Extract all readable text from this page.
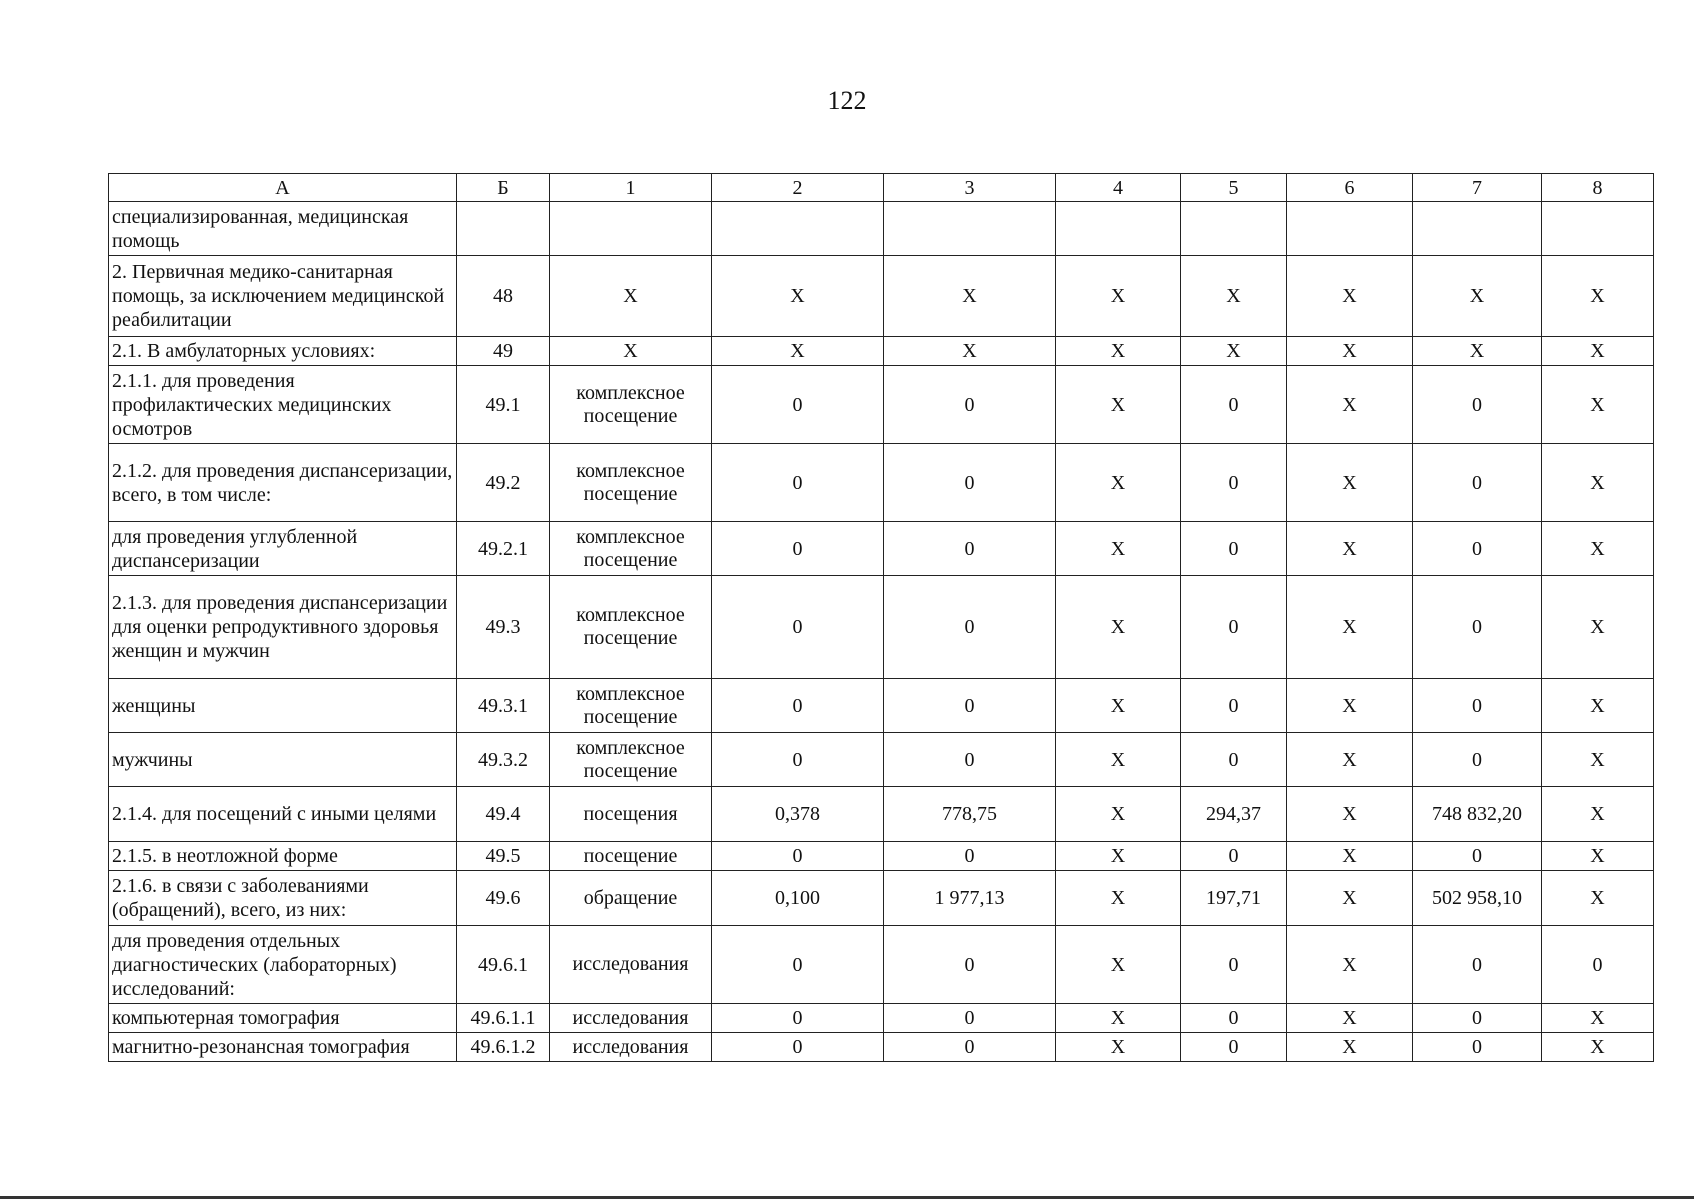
122
А	Б	1	2	3	4	5	6	7	8
специализированная, медицинская помощь									
2. Первичная медико-санитарная помощь, за исключением медицинской реабилитации	48	X	X	X	X	X	X	X	X
2.1. В амбулаторных условиях:	49	X	X	X	X	X	X	X	X
2.1.1. для проведения профилактических медицинских осмотров	49.1	комплексное посещение	0	0	X	0	X	0	X
2.1.2. для проведения диспансеризации, всего, в том числе:	49.2	комплексное посещение	0	0	X	0	X	0	X
для проведения углубленной диспансеризации	49.2.1	комплексное посещение	0	0	X	0	X	0	X
2.1.3. для проведения диспансеризации для оценки репродуктивного здоровья женщин и мужчин	49.3	комплексное посещение	0	0	X	0	X	0	X
женщины	49.3.1	комплексное посещение	0	0	X	0	X	0	X
мужчины	49.3.2	комплексное посещение	0	0	X	0	X	0	X
2.1.4. для посещений с иными целями	49.4	посещения	0,378	778,75	X	294,37	X	748 832,20	X
2.1.5. в неотложной форме	49.5	посещение	0	0	X	0	X	0	X
2.1.6. в связи с заболеваниями (обращений), всего, из них:	49.6	обращение	0,100	1 977,13	X	197,71	X	502 958,10	X
для проведения отдельных диагностических (лабораторных) исследований:	49.6.1	исследования	0	0	X	0	X	0	0
компьютерная томография	49.6.1.1	исследования	0	0	X	0	X	0	X
магнитно-резонансная томография	49.6.1.2	исследования	0	0	X	0	X	0	X
